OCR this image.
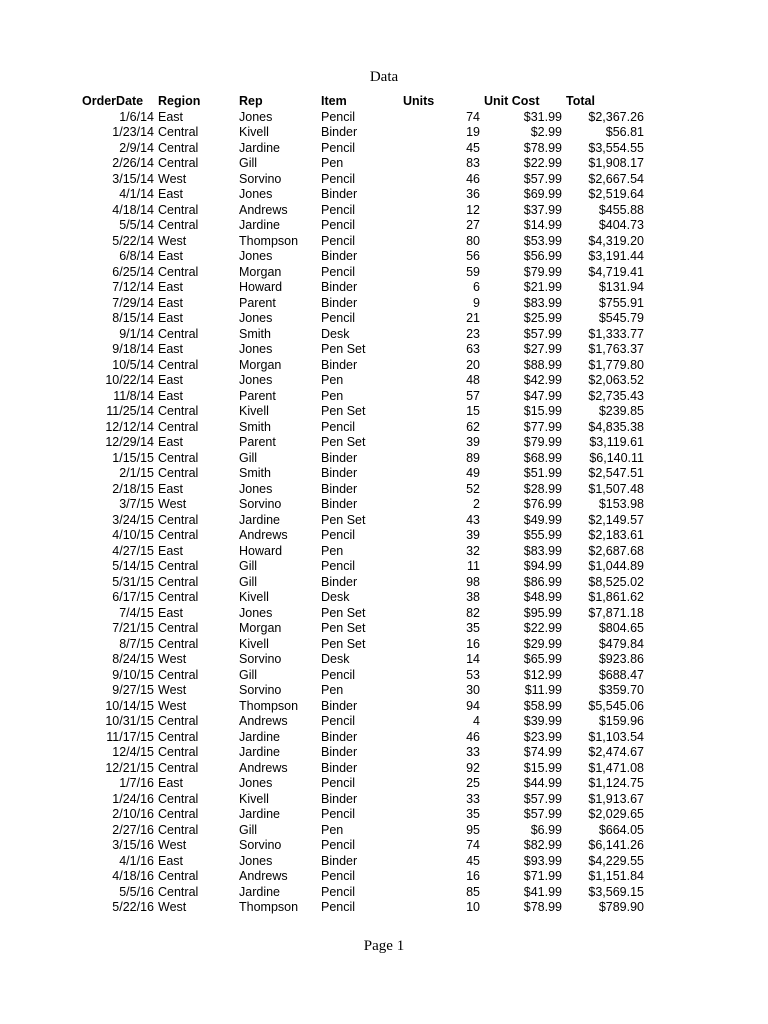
Data
OrderDate	Region	Rep	Item	Units	Unit Cost	Total
1/6/14	East	Jones	Pencil	74	$31.99	$2,367.26
1/23/14	Central	Kivell	Binder	19	$2.99	$56.81
2/9/14	Central	Jardine	Pencil	45	$78.99	$3,554.55
2/26/14	Central	Gill	Pen	83	$22.99	$1,908.17
3/15/14	West	Sorvino	Pencil	46	$57.99	$2,667.54
4/1/14	East	Jones	Binder	36	$69.99	$2,519.64
4/18/14	Central	Andrews	Pencil	12	$37.99	$455.88
5/5/14	Central	Jardine	Pencil	27	$14.99	$404.73
5/22/14	West	Thompson	Pencil	80	$53.99	$4,319.20
6/8/14	East	Jones	Binder	56	$56.99	$3,191.44
6/25/14	Central	Morgan	Pencil	59	$79.99	$4,719.41
7/12/14	East	Howard	Binder	6	$21.99	$131.94
7/29/14	East	Parent	Binder	9	$83.99	$755.91
8/15/14	East	Jones	Pencil	21	$25.99	$545.79
9/1/14	Central	Smith	Desk	23	$57.99	$1,333.77
9/18/14	East	Jones	Pen Set	63	$27.99	$1,763.37
10/5/14	Central	Morgan	Binder	20	$88.99	$1,779.80
10/22/14	East	Jones	Pen	48	$42.99	$2,063.52
11/8/14	East	Parent	Pen	57	$47.99	$2,735.43
11/25/14	Central	Kivell	Pen Set	15	$15.99	$239.85
12/12/14	Central	Smith	Pencil	62	$77.99	$4,835.38
12/29/14	East	Parent	Pen Set	39	$79.99	$3,119.61
1/15/15	Central	Gill	Binder	89	$68.99	$6,140.11
2/1/15	Central	Smith	Binder	49	$51.99	$2,547.51
2/18/15	East	Jones	Binder	52	$28.99	$1,507.48
3/7/15	West	Sorvino	Binder	2	$76.99	$153.98
3/24/15	Central	Jardine	Pen Set	43	$49.99	$2,149.57
4/10/15	Central	Andrews	Pencil	39	$55.99	$2,183.61
4/27/15	East	Howard	Pen	32	$83.99	$2,687.68
5/14/15	Central	Gill	Pencil	11	$94.99	$1,044.89
5/31/15	Central	Gill	Binder	98	$86.99	$8,525.02
6/17/15	Central	Kivell	Desk	38	$48.99	$1,861.62
7/4/15	East	Jones	Pen Set	82	$95.99	$7,871.18
7/21/15	Central	Morgan	Pen Set	35	$22.99	$804.65
8/7/15	Central	Kivell	Pen Set	16	$29.99	$479.84
8/24/15	West	Sorvino	Desk	14	$65.99	$923.86
9/10/15	Central	Gill	Pencil	53	$12.99	$688.47
9/27/15	West	Sorvino	Pen	30	$11.99	$359.70
10/14/15	West	Thompson	Binder	94	$58.99	$5,545.06
10/31/15	Central	Andrews	Pencil	4	$39.99	$159.96
11/17/15	Central	Jardine	Binder	46	$23.99	$1,103.54
12/4/15	Central	Jardine	Binder	33	$74.99	$2,474.67
12/21/15	Central	Andrews	Binder	92	$15.99	$1,471.08
1/7/16	East	Jones	Pencil	25	$44.99	$1,124.75
1/24/16	Central	Kivell	Binder	33	$57.99	$1,913.67
2/10/16	Central	Jardine	Pencil	35	$57.99	$2,029.65
2/27/16	Central	Gill	Pen	95	$6.99	$664.05
3/15/16	West	Sorvino	Pencil	74	$82.99	$6,141.26
4/1/16	East	Jones	Binder	45	$93.99	$4,229.55
4/18/16	Central	Andrews	Pencil	16	$71.99	$1,151.84
5/5/16	Central	Jardine	Pencil	85	$41.99	$3,569.15
5/22/16	West	Thompson	Pencil	10	$78.99	$789.90
Page 1
